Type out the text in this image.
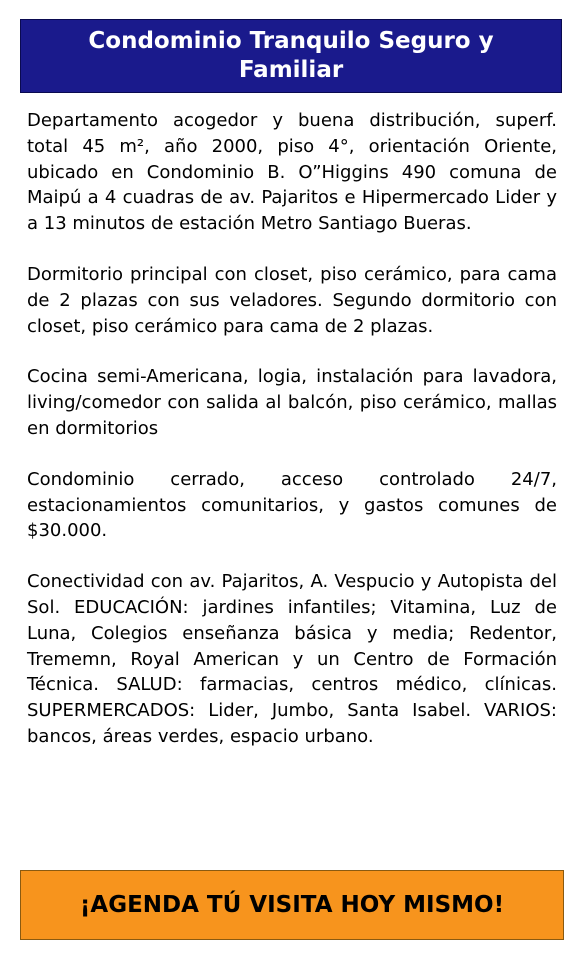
Condominio Tranquilo Seguro y Familiar

Departamento acogedor y buena distribución, superf. total 45 m², año 2000, piso 4°, orientación Oriente, ubicado en Condominio B. O”Higgins 490 comuna de Maipú a 4 cuadras de av. Pajaritos e Hipermercado Lider y a 13 minutos de estación Metro Santiago Bueras.

Dormitorio principal con closet, piso cerámico, para cama de 2 plazas con sus veladores. Segundo dormitorio con closet, piso cerámico para cama de 2 plazas.

Cocina semi-Americana, logia, instalación para lavadora, living/comedor con salida al balcón, piso cerámico, mallas en dormitorios

Condominio cerrado, acceso controlado 24/7, estacionamientos comunitarios, y gastos comunes de $30.000.

Conectividad con av. Pajaritos, A. Vespucio y Autopista del Sol. EDUCACIÓN: jardines infantiles; Vitamina, Luz de Luna, Colegios enseñanza básica y media; Redentor, Trememn, Royal American y un Centro de Formación Técnica. SALUD: farmacias, centros médico, clínicas. SUPERMERCADOS: Lider, Jumbo, Santa Isabel. VARIOS: bancos, áreas verdes, espacio urbano.

¡AGENDA TÚ VISITA HOY MISMO!
